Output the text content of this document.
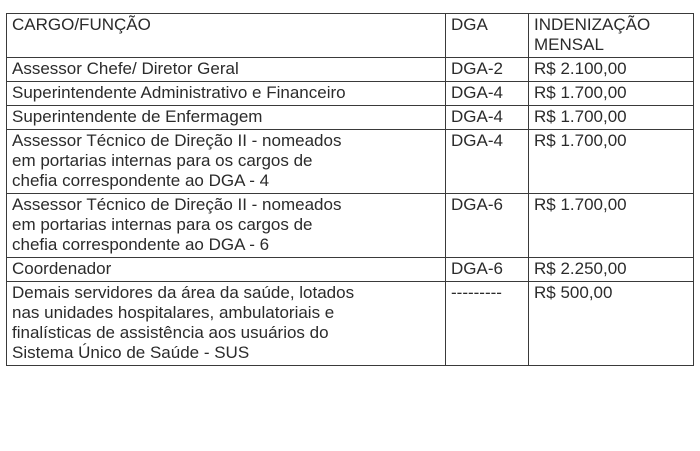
CARGO/FUNÇÃO	DGA	INDENIZAÇÃO
MENSAL
Assessor Chefe/ Diretor Geral	DGA-2	R$ 2.100,00
Superintendente Administrativo e Financeiro	DGA-4	R$ 1.700,00
Superintendente de Enfermagem	DGA-4	R$ 1.700,00
Assessor Técnico de Direção II - nomeados
em portarias internas para os cargos de
chefia correspondente ao DGA - 4	DGA-4	R$ 1.700,00
Assessor Técnico de Direção II - nomeados
em portarias internas para os cargos de
chefia correspondente ao DGA - 6	DGA-6	R$ 1.700,00
Coordenador	DGA-6	R$ 2.250,00
Demais servidores da área da saúde, lotados
nas unidades hospitalares, ambulatoriais e
finalísticas de assistência aos usuários do
Sistema Único de Saúde - SUS	---------	R$ 500,00
